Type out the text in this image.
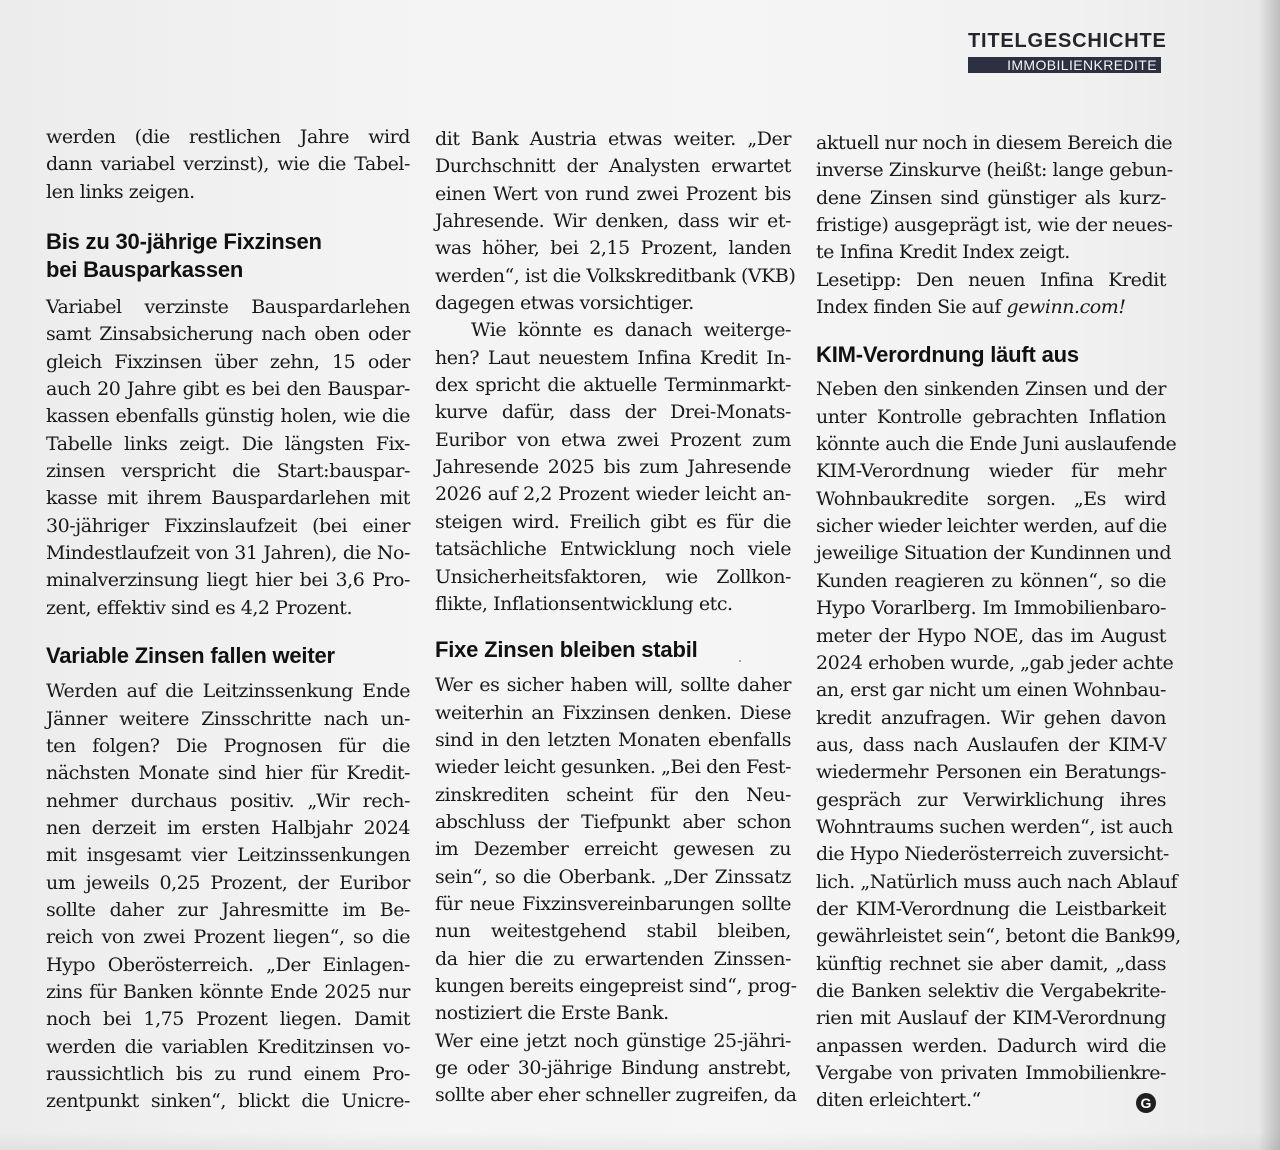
TITELGESCHICHTE
IMMOBILIENKREDITE
werden (die restlichen Jahre wird
dann variabel verzinst), wie die Tabel-
len links zeigen.
Bis zu 30-jährige Fixzinsen
bei Bausparkassen
Variabel verzinste Bauspardarlehen
samt Zinsabsicherung nach oben oder
gleich Fixzinsen über zehn, 15 oder
auch 20 Jahre gibt es bei den Bauspar-
kassen ebenfalls günstig holen, wie die
Tabelle links zeigt. Die längsten Fix-
zinsen verspricht die Start:bauspar-
kasse mit ihrem Bauspardarlehen mit
30-jähriger Fixzinslaufzeit (bei einer
Mindestlaufzeit von 31 Jahren), die No-
minalverzinsung liegt hier bei 3,6 Pro-
zent, effektiv sind es 4,2 Prozent.
Variable Zinsen fallen weiter
Werden auf die Leitzinssenkung Ende
Jänner weitere Zinsschritte nach un-
ten folgen? Die Prognosen für die
nächsten Monate sind hier für Kredit-
nehmer durchaus positiv. „Wir rech-
nen derzeit im ersten Halbjahr 2024
mit insgesamt vier Leitzinssenkungen
um jeweils 0,25 Prozent, der Euribor
sollte daher zur Jahresmitte im Be-
reich von zwei Prozent liegen“, so die
Hypo Oberösterreich. „Der Einlagen-
zins für Banken könnte Ende 2025 nur
noch bei 1,75 Prozent liegen. Damit
werden die variablen Kreditzinsen vo-
raussichtlich bis zu rund einem Pro-
zentpunkt sinken“, blickt die Unicre-
dit Bank Austria etwas weiter. „Der
Durchschnitt der Analysten erwartet
einen Wert von rund zwei Prozent bis
Jahresende. Wir denken, dass wir et-
was höher, bei 2,15 Prozent, landen
werden“, ist die Volkskreditbank (VKB)
dagegen etwas vorsichtiger.
Wie könnte es danach weiterge-
hen? Laut neuestem Infina Kredit In-
dex spricht die aktuelle Terminmarkt-
kurve dafür, dass der Drei-Monats-
Euribor von etwa zwei Prozent zum
Jahresende 2025 bis zum Jahresende
2026 auf 2,2 Prozent wieder leicht an-
steigen wird. Freilich gibt es für die
tatsächliche Entwicklung noch viele
Unsicherheitsfaktoren, wie Zollkon-
flikte, Inflationsentwicklung etc.
Fixe Zinsen bleiben stabil
Wer es sicher haben will, sollte daher
weiterhin an Fixzinsen denken. Diese
sind in den letzten Monaten ebenfalls
wieder leicht gesunken. „Bei den Fest-
zinskrediten scheint für den Neu-
abschluss der Tiefpunkt aber schon
im Dezember erreicht gewesen zu
sein“, so die Oberbank. „Der Zinssatz
für neue Fixzinsvereinbarungen sollte
nun weitestgehend stabil bleiben,
da hier die zu erwartenden Zinssen-
kungen bereits eingepreist sind“, prog-
nostiziert die Erste Bank.
Wer eine jetzt noch günstige 25-jähri-
ge oder 30-jährige Bindung anstrebt,
sollte aber eher schneller zugreifen, da
aktuell nur noch in diesem Bereich die
inverse Zinskurve (heißt: lange gebun-
dene Zinsen sind günstiger als kurz-
fristige) ausgeprägt ist, wie der neues-
te Infina Kredit Index zeigt.
Lesetipp: Den neuen Infina Kredit
Index finden Sie auf gewinn.com!
KIM-Verordnung läuft aus
Neben den sinkenden Zinsen und der
unter Kontrolle gebrachten Inflation
könnte auch die Ende Juni auslaufende
KIM-Verordnung wieder für mehr
Wohnbaukredite sorgen. „Es wird
sicher wieder leichter werden, auf die
jeweilige Situation der Kundinnen und
Kunden reagieren zu können“, so die
Hypo Vorarlberg. Im Immobilienbaro-
meter der Hypo NOE, das im August
2024 erhoben wurde, „gab jeder achte
an, erst gar nicht um einen Wohnbau-
kredit anzufragen. Wir gehen davon
aus, dass nach Auslaufen der KIM-V
wiedermehr Personen ein Beratungs-
gespräch zur Verwirklichung ihres
Wohntraums suchen werden“, ist auch
die Hypo Niederösterreich zuversicht-
lich. „Natürlich muss auch nach Ablauf
der KIM-Verordnung die Leistbarkeit
gewährleistet sein“, betont die Bank99,
künftig rechnet sie aber damit, „dass
die Banken selektiv die Vergabekrite-
rien mit Auslauf der KIM-Verordnung
anpassen werden. Dadurch wird die
Vergabe von privaten Immobilienkre-
diten erleichtert.“	G
